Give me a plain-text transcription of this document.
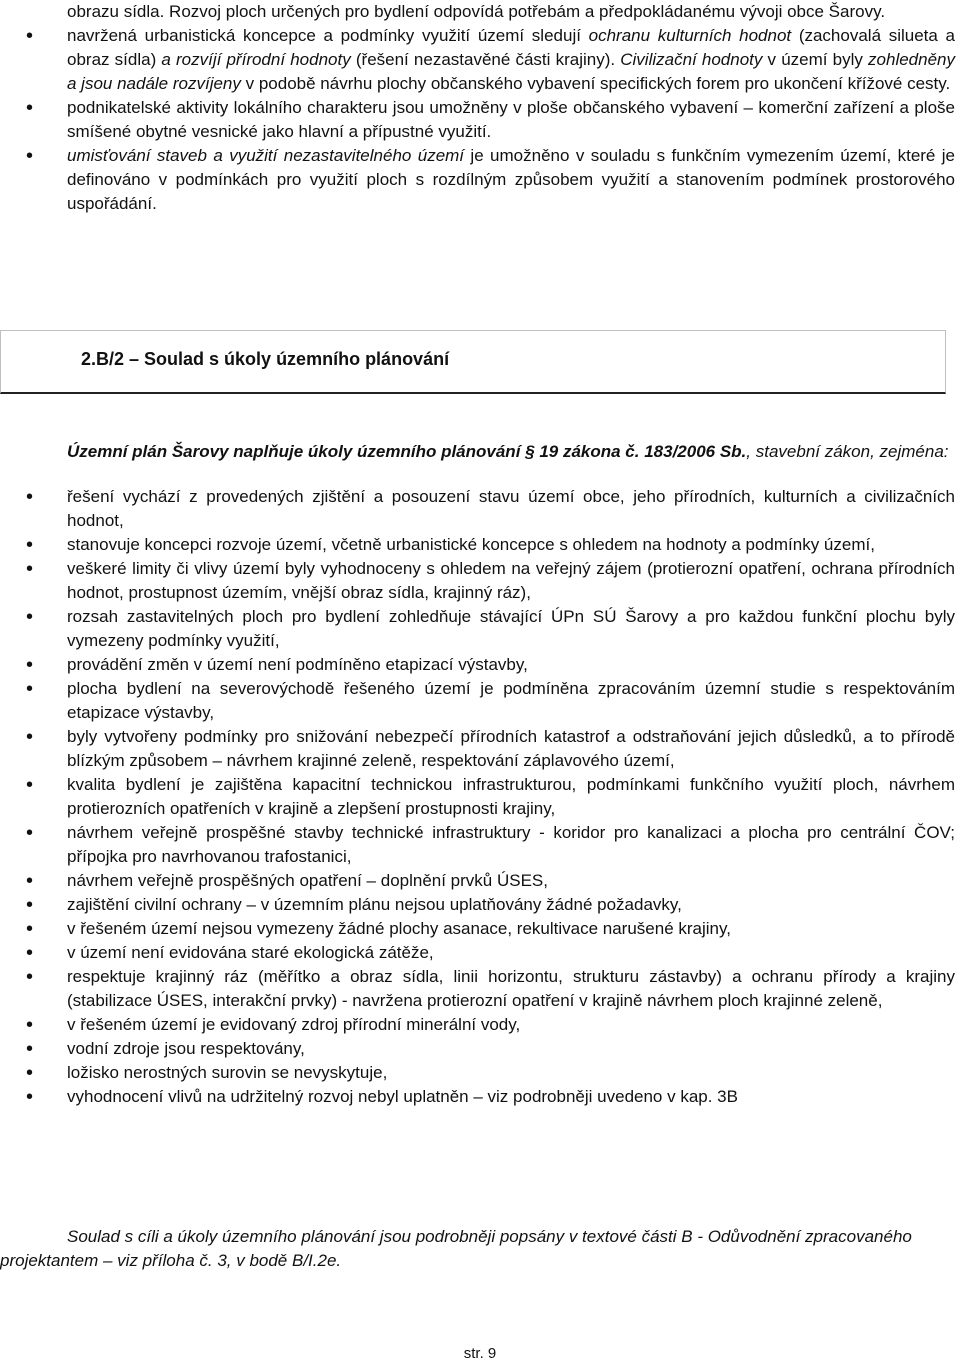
obrazu sídla. Rozvoj ploch určených pro bydlení odpovídá potřebám a předpokládanému vývoji obce Šarovy.
• navržená urbanistická koncepce a podmínky využití území sledují ochranu kulturních hodnot (zachovalá silueta a obraz sídla) a rozvíjí přírodní hodnoty (řešení nezastavěné části krajiny). Civilizační hodnoty v území byly zohledněny a jsou nadále rozvíjeny v podobě návrhu plochy občanského vybavení specifických forem pro ukončení křížové cesty.
• podnikatelské aktivity lokálního charakteru jsou umožněny v ploše občanského vybavení – komerční zařízení a ploše smíšené obytné vesnické jako hlavní a přípustné využití.
• umisťování staveb a využití nezastavitelného území je umožněno v souladu s funkčním vymezením území, které je definováno v podmínkách pro využití ploch s rozdílným způsobem využití a stanovením podmínek prostorového uspořádání.
2.B/2 – Soulad s úkoly územního plánování
Územní plán Šarovy naplňuje úkoly územního plánování § 19 zákona č. 183/2006 Sb., stavební zákon, zejména:
• řešení vychází z provedených zjištění a posouzení stavu území obce, jeho přírodních, kulturních a civilizačních hodnot,
• stanovuje koncepci rozvoje území, včetně urbanistické koncepce s ohledem na hodnoty a podmínky území,
• veškeré limity či vlivy území byly vyhodnoceny s ohledem na veřejný zájem (protierozní opatření, ochrana přírodních hodnot, prostupnost územím, vnější obraz sídla, krajinný ráz),
• rozsah zastavitelných ploch pro bydlení zohledňuje stávající ÚPn SÚ Šarovy a pro každou funkční plochu byly vymezeny podmínky využití,
• provádění změn v území není podmíněno etapizací výstavby,
• plocha bydlení na severovýchodě řešeného území je podmíněna zpracováním územní studie s respektováním etapizace výstavby,
• byly vytvořeny podmínky pro snižování nebezpečí přírodních katastrof a odstraňování jejich důsledků, a to přírodě blízkým způsobem – návrhem krajinné zeleně, respektování záplavového území,
• kvalita bydlení je zajištěna kapacitní technickou infrastrukturou, podmínkami funkčního využití ploch, návrhem protierozních opatřeních v krajině a zlepšení prostupnosti krajiny,
• návrhem veřejně prospěšné stavby technické infrastruktury - koridor pro kanalizaci a plocha pro centrální ČOV; přípojka pro navrhovanou trafostanici,
• návrhem veřejně prospěšných opatření – doplnění prvků ÚSES,
• zajištění civilní ochrany – v územním plánu nejsou uplatňovány žádné požadavky,
• v řešeném území nejsou vymezeny žádné plochy asanace, rekultivace narušené krajiny,
• v území není evidována staré ekologická zátěže,
• respektuje krajinný ráz (měřítko a obraz sídla, linii horizontu, strukturu zástavby) a ochranu přírody a krajiny (stabilizace ÚSES, interakční prvky) - navržena protierozní opatření v krajině návrhem ploch krajinné zeleně,
• v řešeném území je evidovaný zdroj přírodní minerální vody,
• vodní zdroje jsou respektovány,
• ložisko nerostných surovin se nevyskytuje,
• vyhodnocení vlivů na udržitelný rozvoj nebyl uplatněn – viz podrobněji uvedeno v kap. 3B
Soulad s cíli a úkoly územního plánování jsou podrobněji popsány v textové části B - Odůvodnění zpracovaného projektantem – viz příloha č. 3, v bodě B/I.2e.
str. 9
